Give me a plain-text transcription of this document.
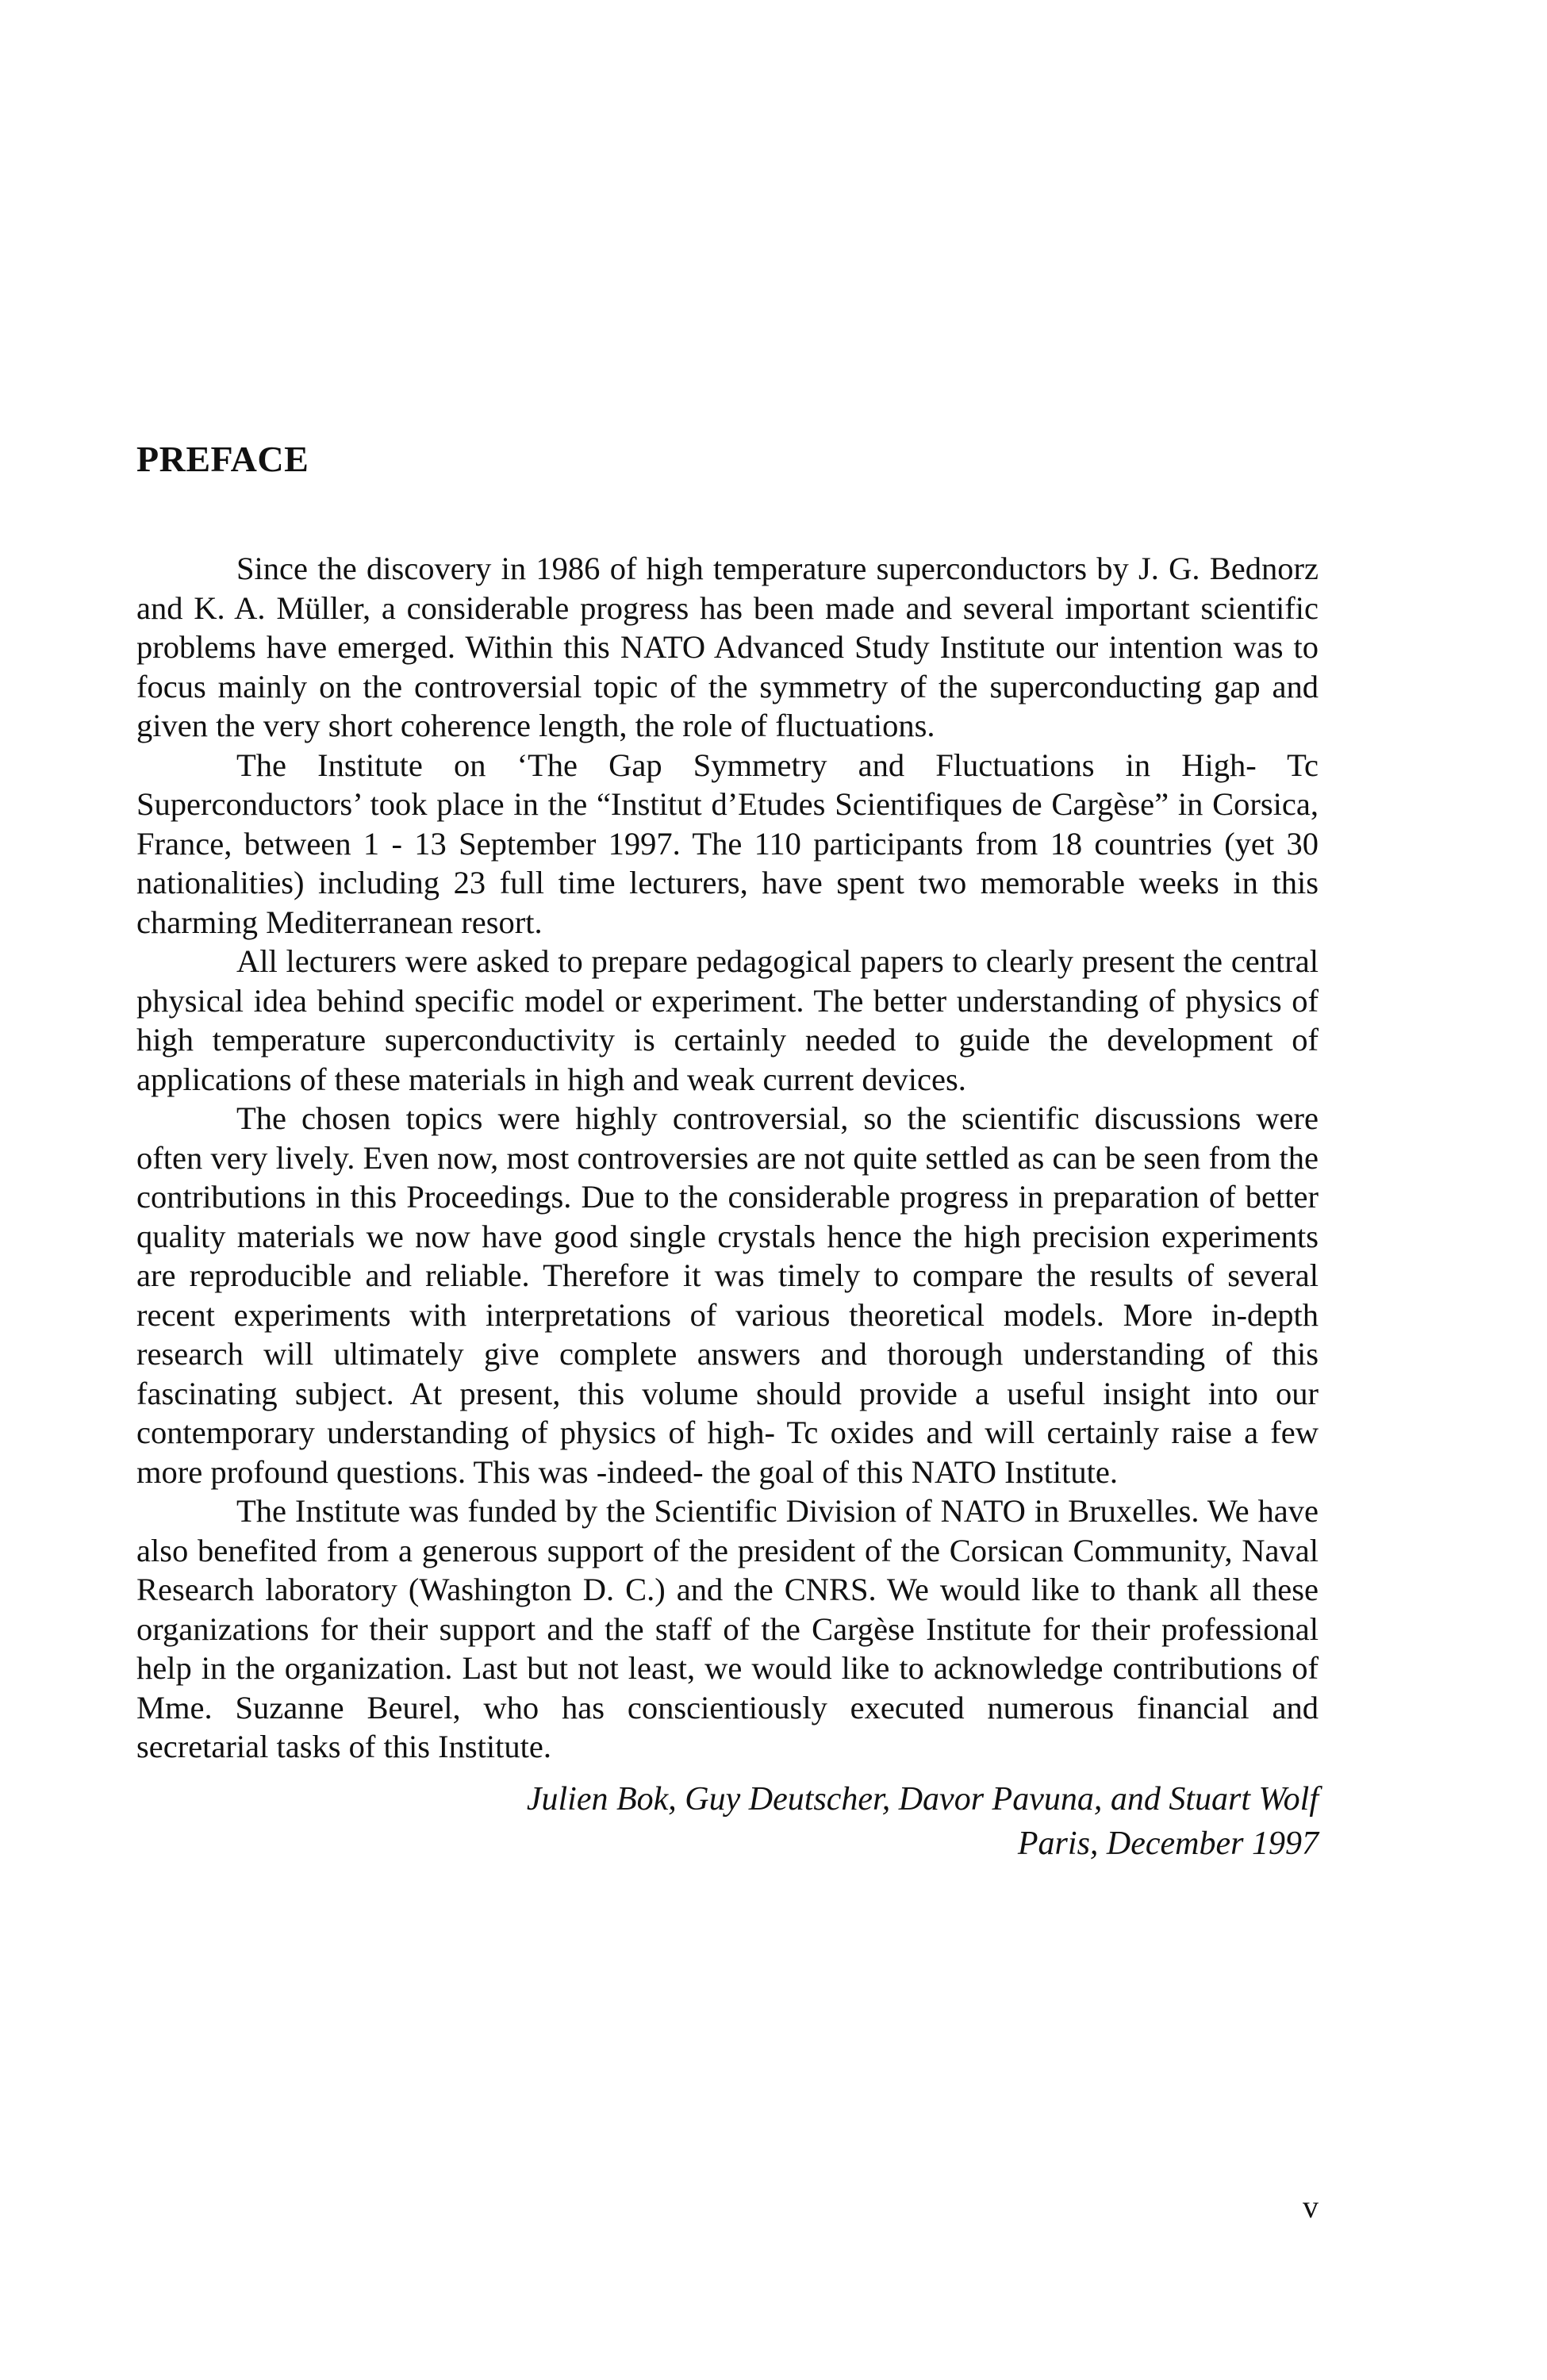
PREFACE

Since the discovery in 1986 of high temperature superconductors by J. G. Bednorz and K. A. Müller, a considerable progress has been made and several important scientific problems have emerged. Within this NATO Advanced Study Institute our intention was to focus mainly on the controversial topic of the symmetry of the superconducting gap and given the very short coherence length, the role of fluctuations.

The Institute on ‘The Gap Symmetry and Fluctuations in High- Tc Superconductors’ took place in the “Institut d’Etudes Scientifiques de Cargèse” in Corsica, France, between 1 - 13 September 1997. The 110 participants from 18 countries (yet 30 nationalities) including 23 full time lecturers, have spent two memorable weeks in this charming Mediterranean resort.

All lecturers were asked to prepare pedagogical papers to clearly present the central physical idea behind specific model or experiment. The better understanding of physics of high temperature superconductivity is certainly needed to guide the development of applications of these materials in high and weak current devices.

The chosen topics were highly controversial, so the scientific discussions were often very lively. Even now, most controversies are not quite settled as can be seen from the contributions in this Proceedings. Due to the considerable progress in preparation of better quality materials we now have good single crystals hence the high precision experiments are reproducible and reliable. Therefore it was timely to compare the results of several recent experiments with interpretations of various theoretical models. More in-depth research will ultimately give complete answers and thorough understanding of this fascinating subject. At present, this volume should provide a useful insight into our contemporary understanding of physics of high- Tc oxides and will certainly raise a few more profound questions. This was -indeed- the goal of this NATO Institute.

The Institute was funded by the Scientific Division of NATO in Bruxelles. We have also benefited from a generous support of the president of the Corsican Community, Naval Research laboratory (Washington D. C.) and the CNRS. We would like to thank all these organizations for their support and the staff of the Cargèse Institute for their professional help in the organization. Last but not least, we would like to acknowledge contributions of Mme. Suzanne Beurel, who has conscientiously executed numerous financial and secretarial tasks of this Institute.

Julien Bok, Guy Deutscher, Davor Pavuna, and Stuart Wolf
Paris, December 1997
v
